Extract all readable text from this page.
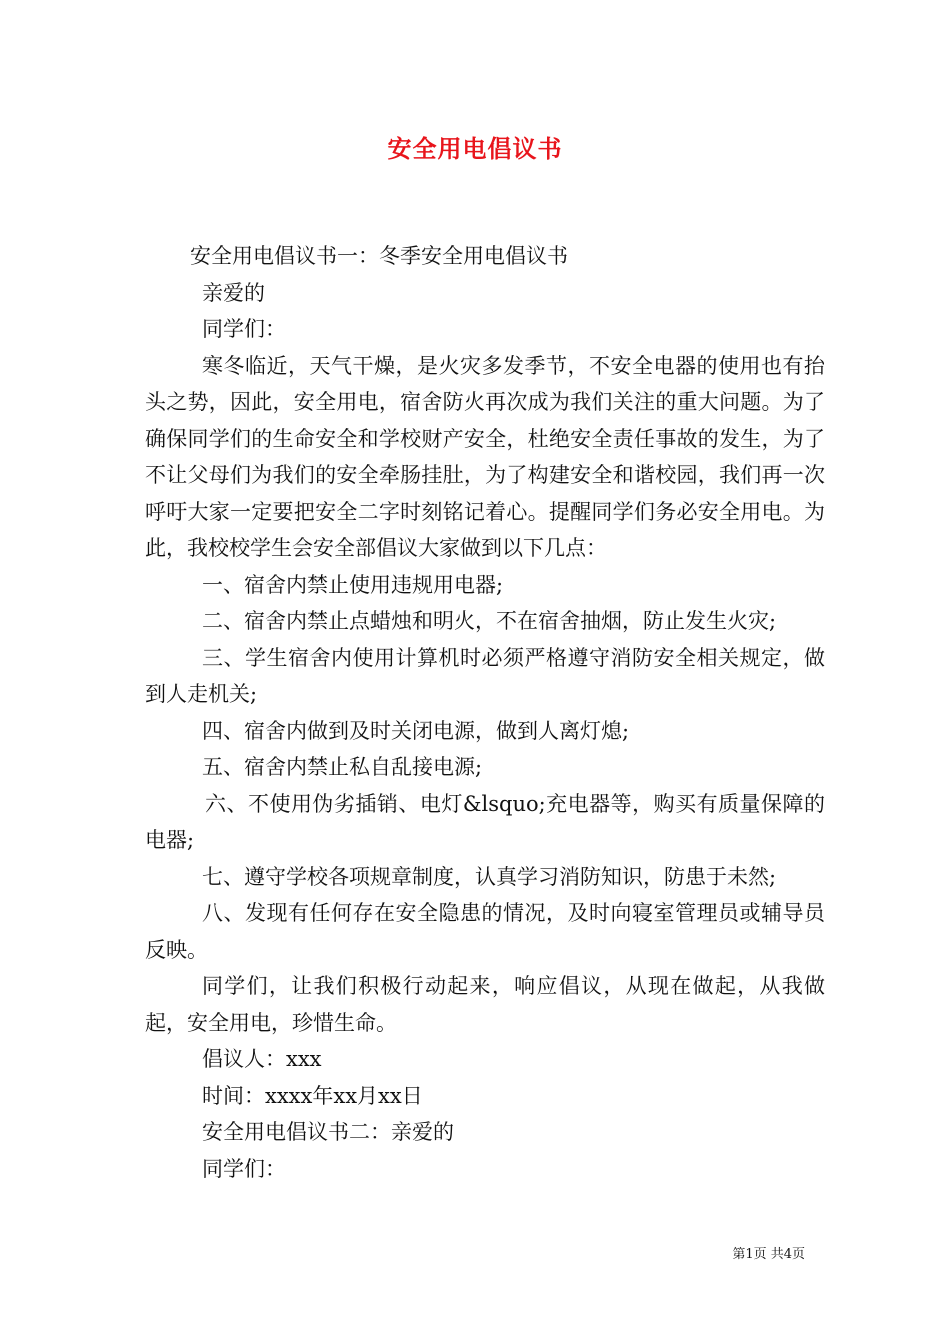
安全用电倡议书

安全用电倡议书一：冬季安全用电倡议书

亲爱的

同学们：

寒冬临近，天气干燥，是火灾多发季节，不安全电器的使用也有抬头之势，因此，安全用电，宿舍防火再次成为我们关注的重大问题。为了确保同学们的生命安全和学校财产安全，杜绝安全责任事故的发生，为了不让父母们为我们的安全牵肠挂肚，为了构建安全和谐校园，我们再一次呼吁大家一定要把安全二字时刻铭记着心。提醒同学们务必安全用电。为此，我校校学生会安全部倡议大家做到以下几点：

一、宿舍内禁止使用违规用电器;

二、宿舍内禁止点蜡烛和明火，不在宿舍抽烟，防止发生火灾;

三、学生宿舍内使用计算机时必须严格遵守消防安全相关规定，做到人走机关;

四、宿舍内做到及时关闭电源，做到人离灯熄;

五、宿舍内禁止私自乱接电源;

六、不使用伪劣插销、电灯&lsquo;充电器等，购买有质量保障的电器;

七、遵守学校各项规章制度，认真学习消防知识，防患于未然;

八、发现有任何存在安全隐患的情况，及时向寝室管理员或辅导员反映。

同学们，让我们积极行动起来，响应倡议，从现在做起，从我做起，安全用电，珍惜生命。

倡议人：xxx

时间：xxxx年xx月xx日

安全用电倡议书二：亲爱的

同学们：

第1页 共4页
